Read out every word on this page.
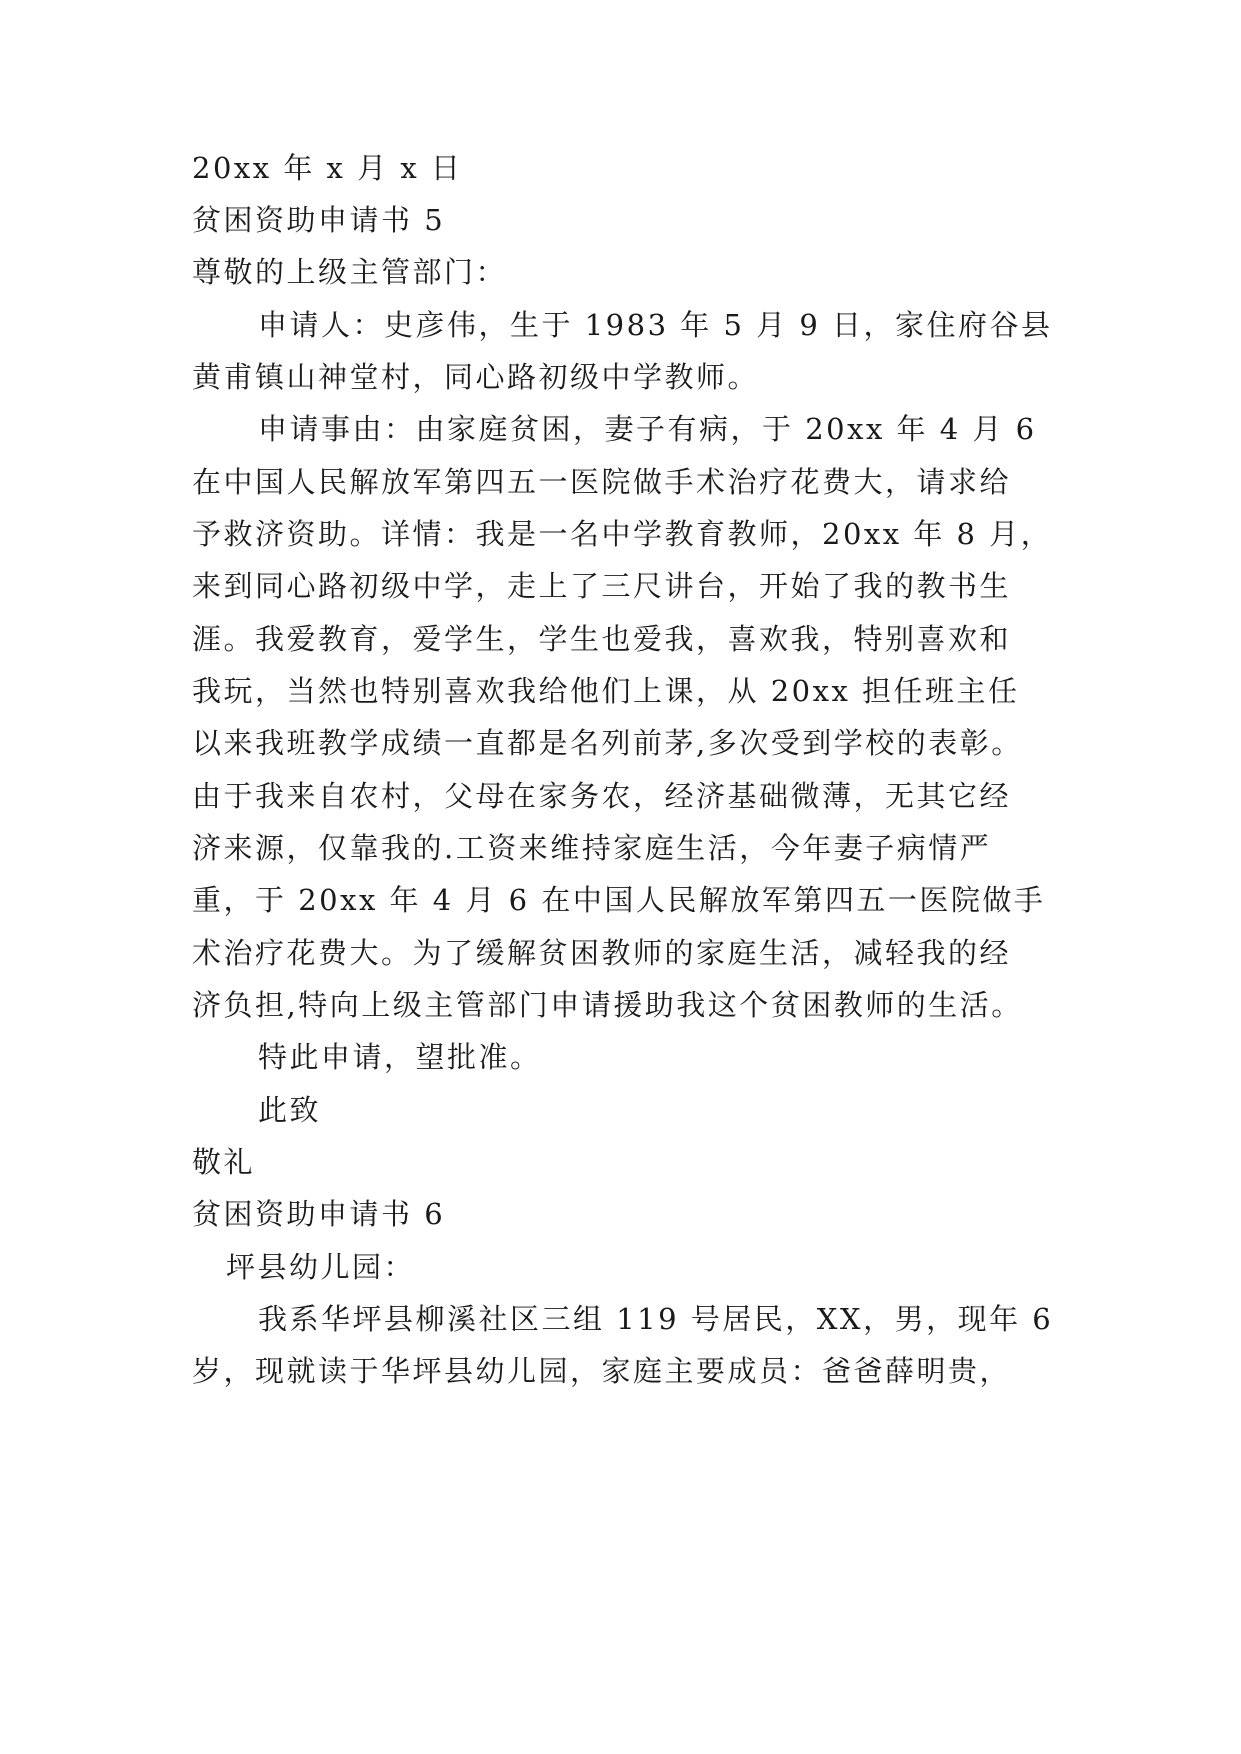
20xx 年 x 月 x 日
贫困资助申请书 5
尊敬的上级主管部门：
申请人：史彦伟，生于 1983 年 5 月 9 日，家住府谷县
黄甫镇山神堂村，同心路初级中学教师。
申请事由：由家庭贫困，妻子有病，于 20xx 年 4 月 6
在中国人民解放军第四五一医院做手术治疗花费大，请求给
予救济资助。详情：我是一名中学教育教师，20xx 年 8 月，
来到同心路初级中学，走上了三尺讲台，开始了我的教书生
涯。我爱教育，爱学生，学生也爱我，喜欢我，特别喜欢和
我玩，当然也特别喜欢我给他们上课，从 20xx 担任班主任
以来我班教学成绩一直都是名列前茅,多次受到学校的表彰。
由于我来自农村，父母在家务农，经济基础微薄，无其它经
济来源，仅靠我的.工资来维持家庭生活，今年妻子病情严
重，于 20xx 年 4 月 6 在中国人民解放军第四五一医院做手
术治疗花费大。为了缓解贫困教师的家庭生活，减轻我的经
济负担,特向上级主管部门申请援助我这个贫困教师的生活。
特此申请，望批准。
此致
敬礼
贫困资助申请书 6
坪县幼儿园：
我系华坪县柳溪社区三组 119 号居民，XX，男，现年 6
岁，现就读于华坪县幼儿园，家庭主要成员：爸爸薛明贵，
